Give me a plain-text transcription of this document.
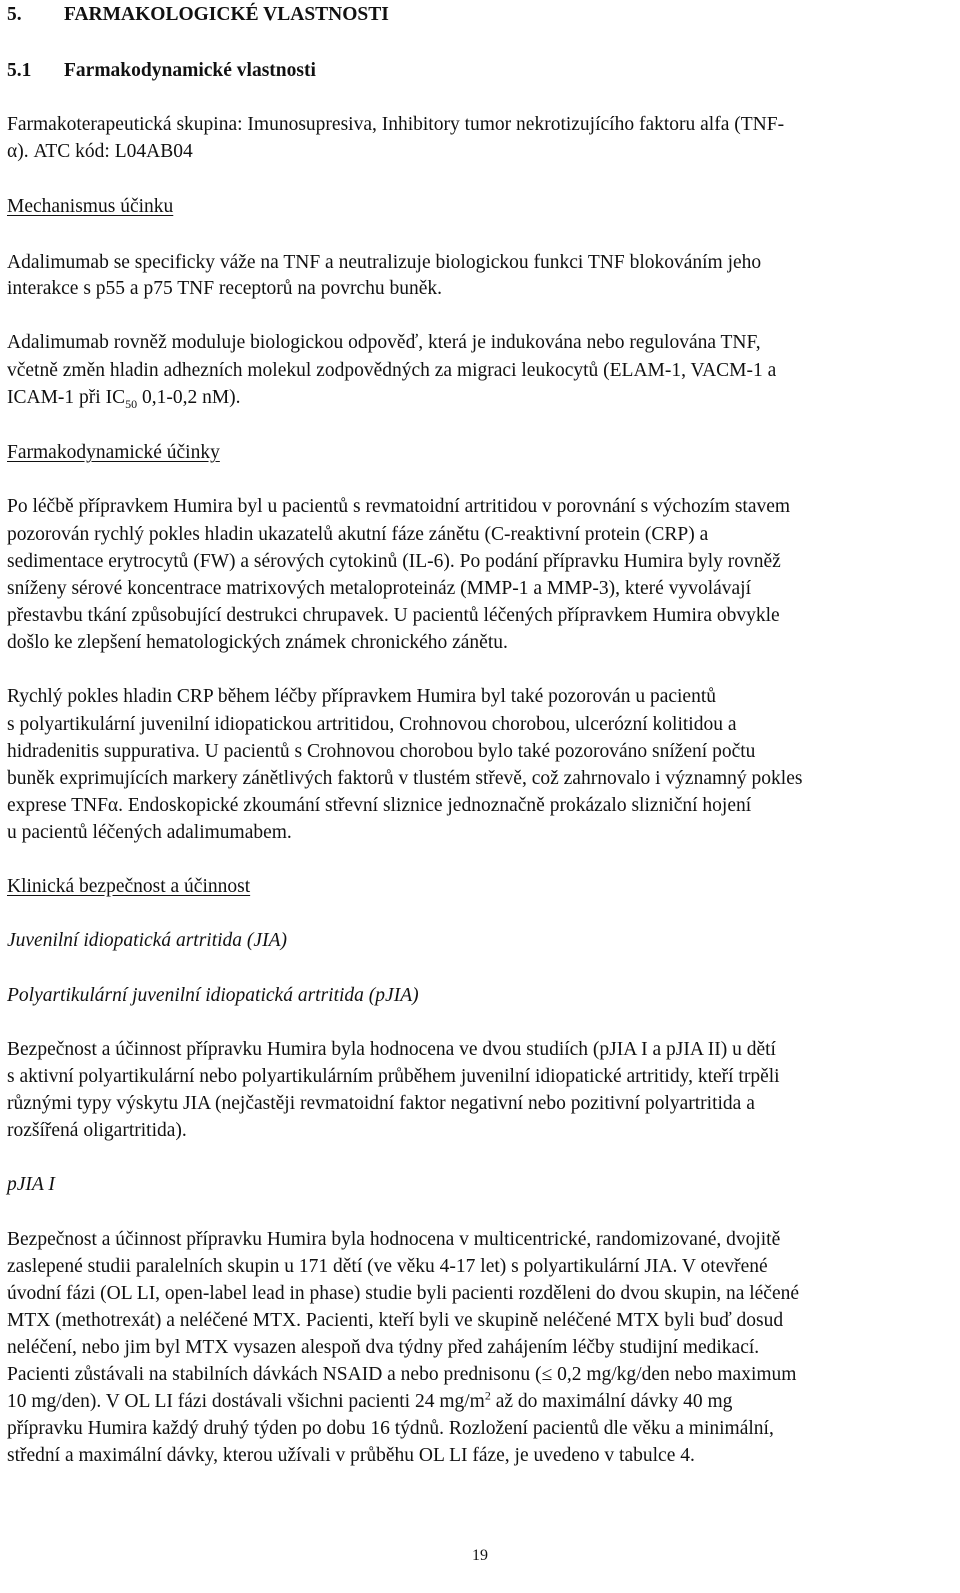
5. FARMAKOLOGICKÉ VLASTNOSTI
5.1 Farmakodynamické vlastnosti
Farmakoterapeutická skupina: Imunosupresiva, Inhibitory tumor nekrotizujícího faktoru alfa (TNF-
α). ATC kód: L04AB04
Mechanismus účinku
Adalimumab se specificky váže na TNF a neutralizuje biologickou funkci TNF blokováním jeho
interakce s p55 a p75 TNF receptorů na povrchu buněk.
Adalimumab rovněž moduluje biologickou odpověď, která je indukována nebo regulována TNF,
včetně změn hladin adhezních molekul zodpovědných za migraci leukocytů (ELAM-1, VACM-1 a
ICAM-1 při $IC_{50}$ 0,1-0,2 nM).
Farmakodynamické účinky
Po léčbě přípravkem Humira byl u pacientů s revmatoidní artritidou v porovnání s výchozím stavem
pozorován rychlý pokles hladin ukazatelů akutní fáze zánětu (C-reaktivní protein (CRP) a
sedimentace erytrocytů (FW) a sérových cytokinů (IL-6). Po podání přípravku Humira byly rovněž
sníženy sérové koncentrace matrixových metaloproteináz (MMP-1 a MMP-3), které vyvolávají
přestavbu tkání způsobující destrukci chrupavek. U pacientů léčených přípravkem Humira obvykle
došlo ke zlepšení hematologických známek chronického zánětu.
Rychlý pokles hladin CRP během léčby přípravkem Humira byl také pozorován u pacientů
s polyartikulární juvenilní idiopatickou artritidou, Crohnovou chorobou, ulcerózní kolitidou a
hidradenitis suppurativa. U pacientů s Crohnovou chorobou bylo také pozorováno snížení počtu
buněk exprimujících markery zánětlivých faktorů v tlustém střevě, což zahrnovalo i významný pokles
exprese TNFα. Endoskopické zkoumání střevní sliznice jednoznačně prokázalo slizniční hojení
u pacientů léčených adalimumabem.
Klinická bezpečnost a účinnost
Juvenilní idiopatická artritida (JIA)
Polyartikulární juvenilní idiopatická artritida (pJIA)
Bezpečnost a účinnost přípravku Humira byla hodnocena ve dvou studiích (pJIA I a pJIA II) u dětí
s aktivní polyartikulární nebo polyartikulárním průběhem juvenilní idiopatické artritidy, kteří trpěli
různými typy výskytu JIA (nejčastěji revmatoidní faktor negativní nebo pozitivní polyartritida a
rozšířená oligartritida).
pJIA I
Bezpečnost a účinnost přípravku Humira byla hodnocena v multicentrické, randomizované, dvojitě
zaslepené studii paralelních skupin u 171 dětí (ve věku 4-17 let) s polyartikulární JIA. V otevřené
úvodní fázi (OL LI, open-label lead in phase) studie byli pacienti rozděleni do dvou skupin, na léčené
MTX (methotrexát) a neléčené MTX. Pacienti, kteří byli ve skupině neléčené MTX byli buď dosud
neléčení, nebo jim byl MTX vysazen alespoň dva týdny před zahájením léčby studijní medikací.
Pacienti zůstávali na stabilních dávkách NSAID a nebo prednisonu (≤ 0,2 mg/kg/den nebo maximum
10 mg/den). V OL LI fázi dostávali všichni pacienti 24 $mg/m^2$ až do maximální dávky 40 mg
přípravku Humira každý druhý týden po dobu 16 týdnů. Rozložení pacientů dle věku a minimální,
střední a maximální dávky, kterou užívali v průběhu OL LI fáze, je uvedeno v tabulce 4.
19
